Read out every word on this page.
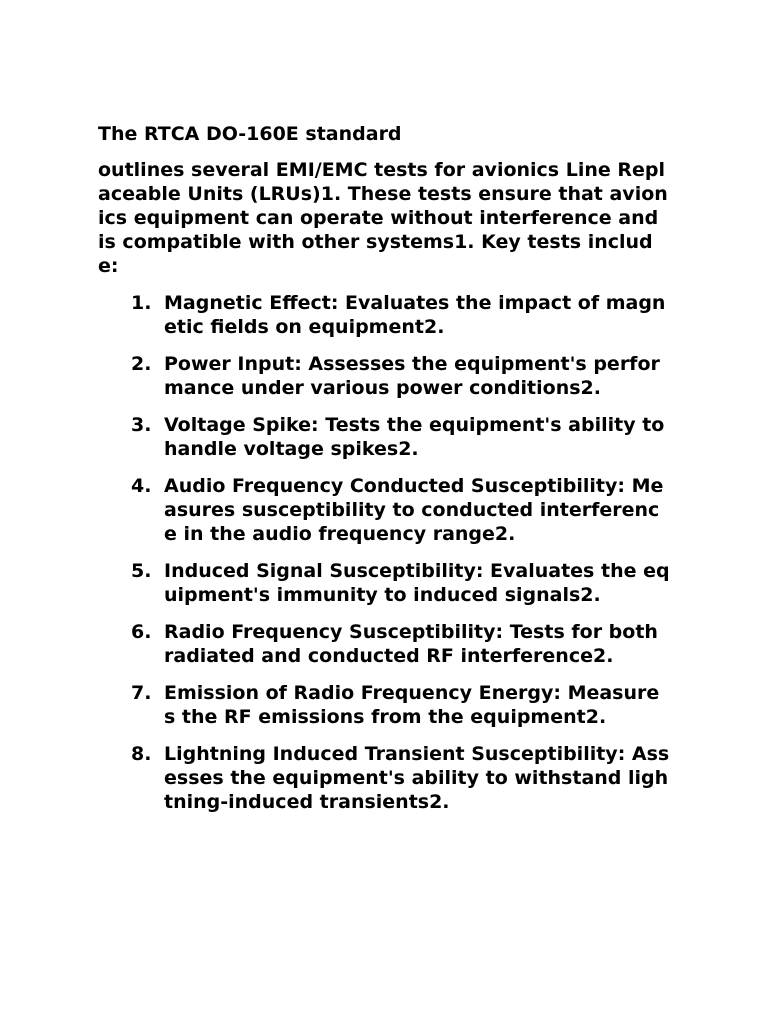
The RTCA DO-160E standard

outlines several EMI/EMC tests for avionics Line Replaceable Units (LRUs)1. These tests ensure that avionics equipment can operate without interference and is compatible with other systems1. Key tests include:

1. Magnetic Effect: Evaluates the impact of magnetic fields on equipment2.
2. Power Input: Assesses the equipment's performance under various power conditions2.
3. Voltage Spike: Tests the equipment's ability to handle voltage spikes2.
4. Audio Frequency Conducted Susceptibility: Measures susceptibility to conducted interference in the audio frequency range2.
5. Induced Signal Susceptibility: Evaluates the equipment's immunity to induced signals2.
6. Radio Frequency Susceptibility: Tests for both radiated and conducted RF interference2.
7. Emission of Radio Frequency Energy: Measures the RF emissions from the equipment2.
8. Lightning Induced Transient Susceptibility: Assesses the equipment's ability to withstand lightning-induced transients2.
